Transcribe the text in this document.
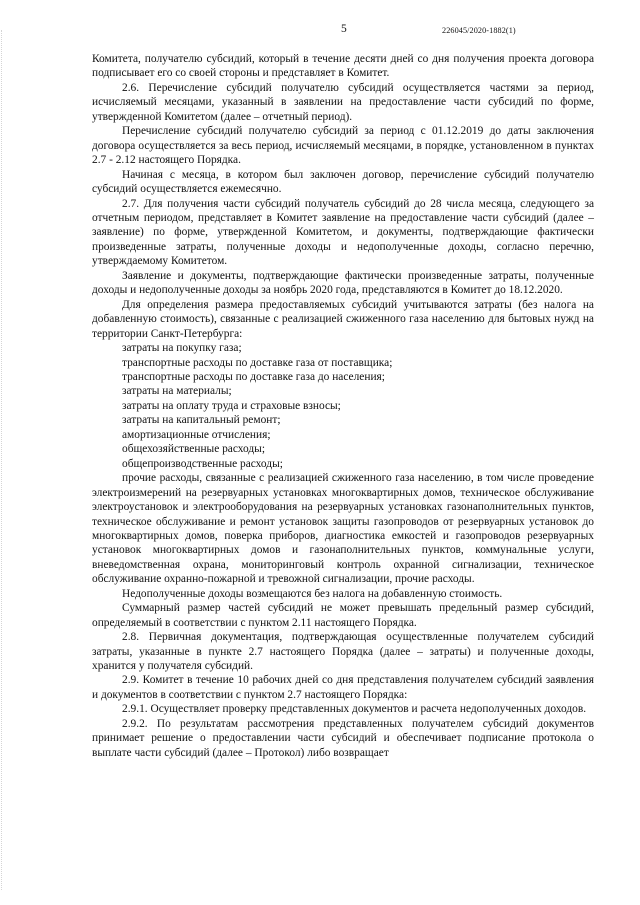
5	226045/2020-1882(1)

Комитета, получателю субсидий, который в течение десяти дней со дня получения проекта договора подписывает его со своей стороны и представляет в Комитет.

2.6. Перечисление субсидий получателю субсидий осуществляется частями за период, исчисляемый месяцами, указанный в заявлении на предоставление части субсидий по форме, утвержденной Комитетом (далее – отчетный период).

Перечисление субсидий получателю субсидий за период с 01.12.2019 до даты заключения договора осуществляется за весь период, исчисляемый месяцами, в порядке, установленном в пунктах 2.7 - 2.12 настоящего Порядка.

Начиная с месяца, в котором был заключен договор, перечисление субсидий получателю субсидий осуществляется ежемесячно.

2.7. Для получения части субсидий получатель субсидий до 28 числа месяца, следующего за отчетным периодом, представляет в Комитет заявление на предоставление части субсидий (далее – заявление) по форме, утвержденной Комитетом, и документы, подтверждающие фактически произведенные затраты, полученные доходы и недополученные доходы, согласно перечню, утверждаемому Комитетом.

Заявление и документы, подтверждающие фактически произведенные затраты, полученные доходы и недополученные доходы за ноябрь 2020 года, представляются в Комитет до 18.12.2020.

Для определения размера предоставляемых субсидий учитываются затраты (без налога на добавленную стоимость), связанные с реализацией сжиженного газа населению для бытовых нужд на территории Санкт-Петербурга:

затраты на покупку газа;

транспортные расходы по доставке газа от поставщика;

транспортные расходы по доставке газа до населения;

затраты на материалы;

затраты на оплату труда и страховые взносы;

затраты на капитальный ремонт;

амортизационные отчисления;

общехозяйственные расходы;

общепроизводственные расходы;

прочие расходы, связанные с реализацией сжиженного газа населению, в том числе проведение электроизмерений на резервуарных установках многоквартирных домов, техническое обслуживание электроустановок и электрооборудования на резервуарных установках газонаполнительных пунктов, техническое обслуживание и ремонт установок защиты газопроводов от резервуарных установок до многоквартирных домов, поверка приборов, диагностика емкостей и газопроводов резервуарных установок многоквартирных домов и газонаполнительных пунктов, коммунальные услуги, вневедомственная охрана, мониторинговый контроль охранной сигнализации, техническое обслуживание охранно-пожарной и тревожной сигнализации, прочие расходы.

Недополученные доходы возмещаются без налога на добавленную стоимость.

Суммарный размер частей субсидий не может превышать предельный размер субсидий, определяемый в соответствии с пунктом 2.11 настоящего Порядка.

2.8. Первичная документация, подтверждающая осуществленные получателем субсидий затраты, указанные в пункте 2.7 настоящего Порядка (далее – затраты) и полученные доходы, хранится у получателя субсидий.

2.9. Комитет в течение 10 рабочих дней со дня представления получателем субсидий заявления и документов в соответствии с пунктом 2.7 настоящего Порядка:

2.9.1. Осуществляет проверку представленных документов и расчета недополученных доходов.

2.9.2. По результатам рассмотрения представленных получателем субсидий документов принимает решение о предоставлении части субсидий и обеспечивает подписание протокола о выплате части субсидий (далее – Протокол) либо возвращает
